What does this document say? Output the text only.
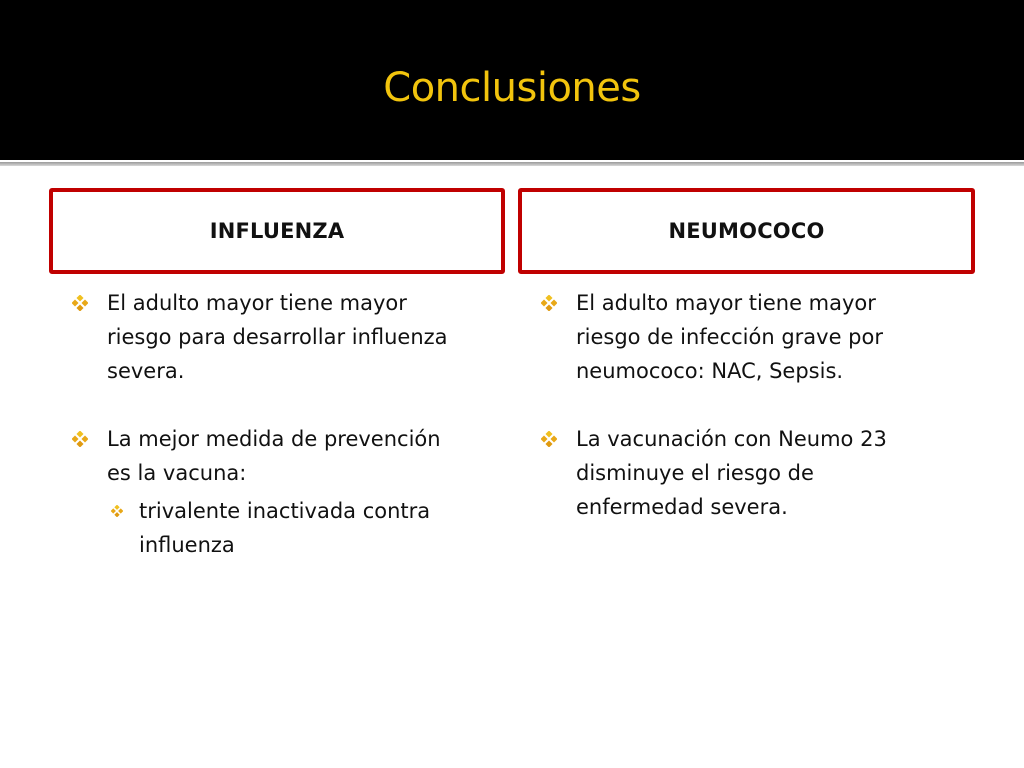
Conclusiones
INFLUENZA	NEUMOCOCO
El adulto mayor tiene mayor
riesgo para desarrollar influenza
severa.
La mejor medida de prevención
es la vacuna:
trivalente inactivada contra
influenza
El adulto mayor tiene mayor
riesgo de infección grave por
neumococo: NAC, Sepsis.
La vacunación con Neumo 23
disminuye el riesgo de
enfermedad severa.
